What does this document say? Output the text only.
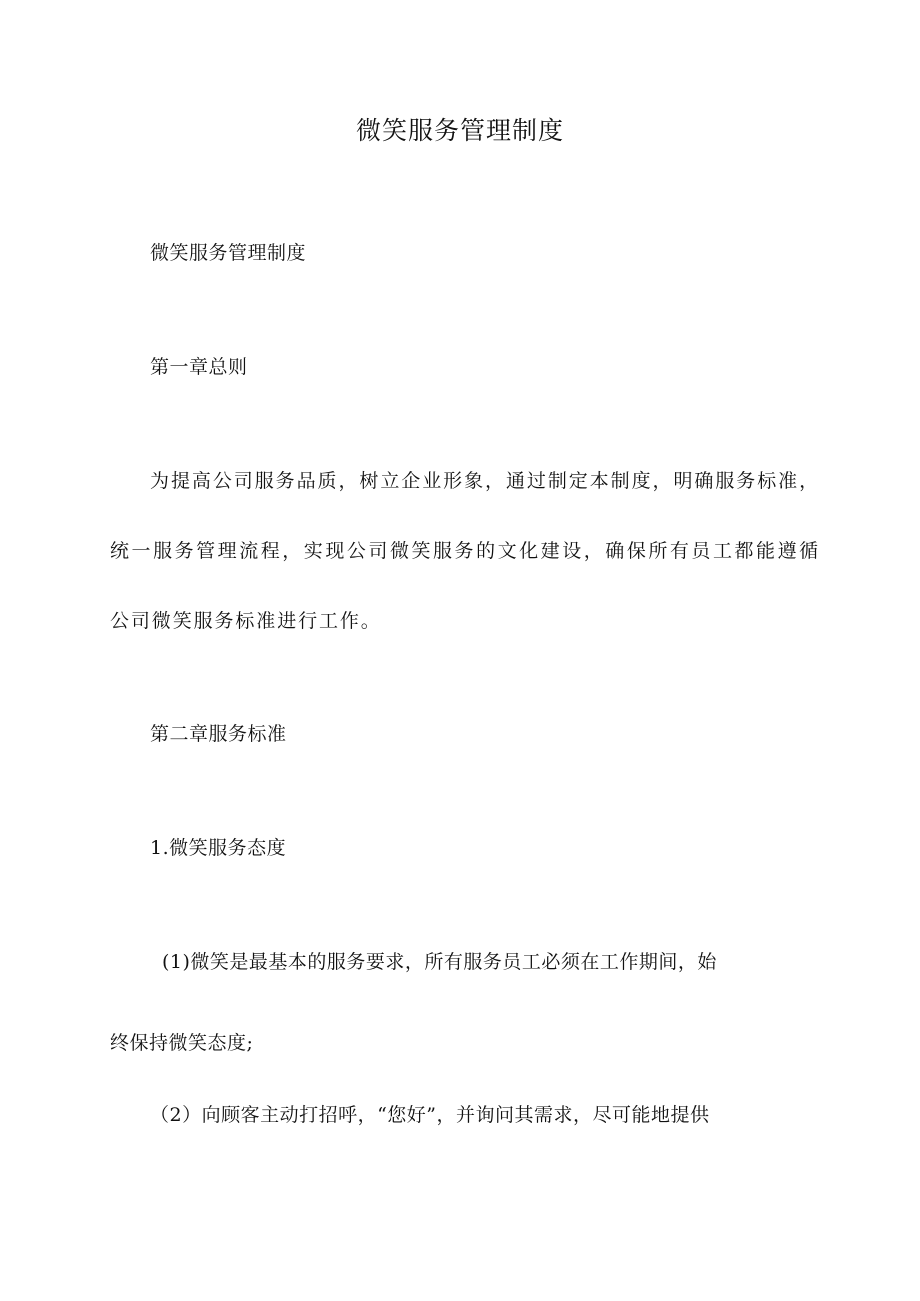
微笑服务管理制度
微笑服务管理制度
第一章总则
为提高公司服务品质，树立企业形象，通过制定本制度，明确服务标准，统一服务管理流程，实现公司微笑服务的文化建设，确保所有员工都能遵循公司微笑服务标准进行工作。
第二章服务标准
1.微笑服务态度
(1)微笑是最基本的服务要求，所有服务员工必须在工作期间，始
终保持微笑态度;
（2）向顾客主动打招呼，“您好”，并询问其需求，尽可能地提供
